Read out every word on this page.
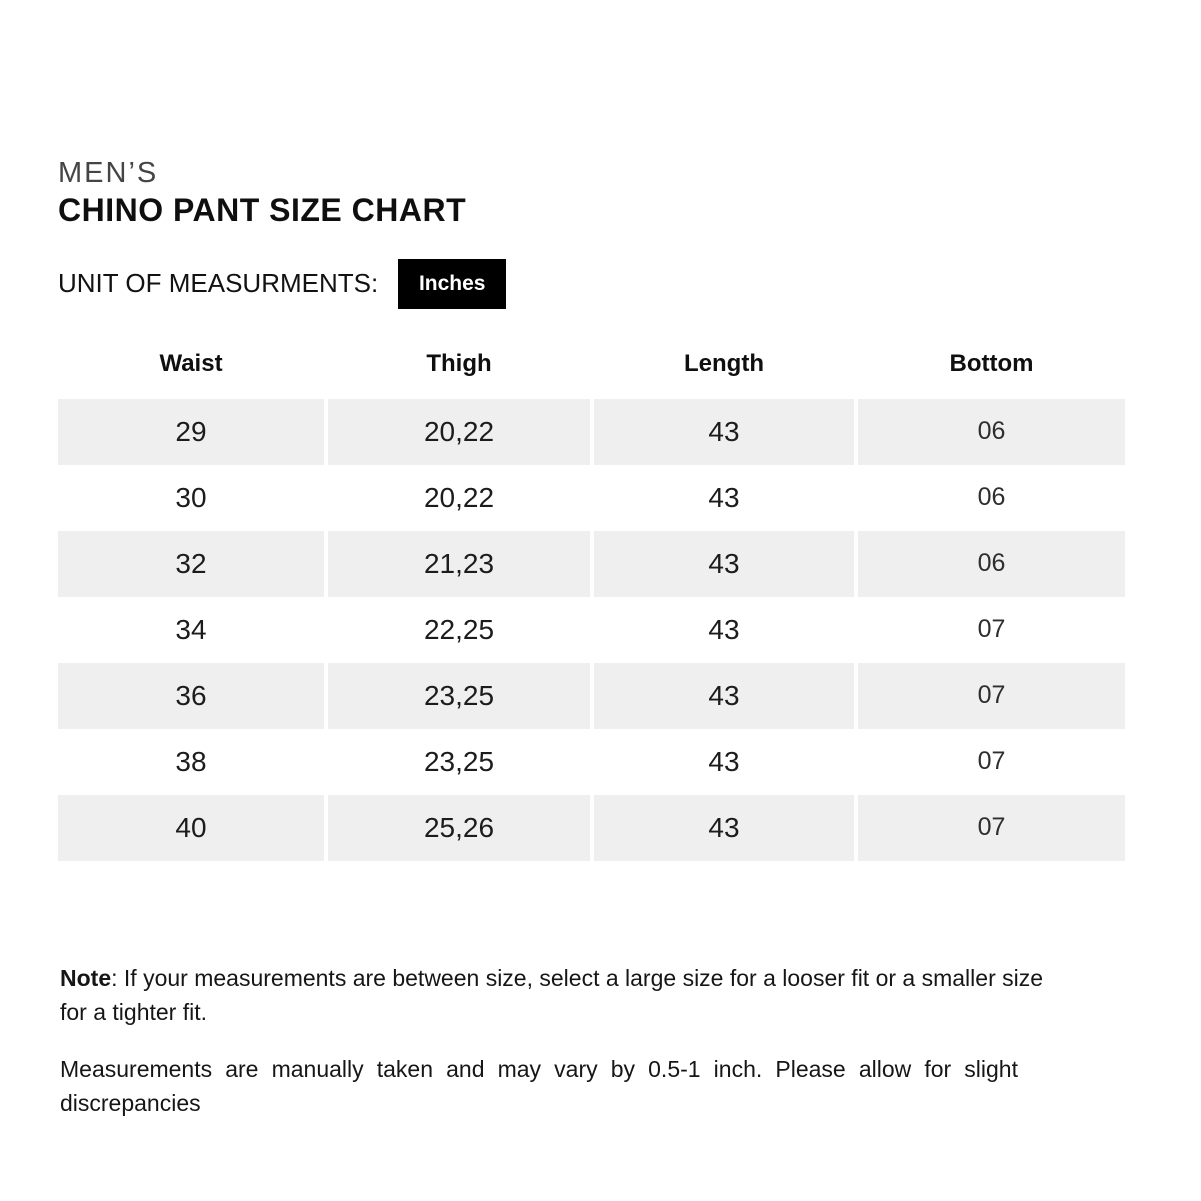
MEN’S
CHINO PANT SIZE CHART
UNIT OF MEASURMENTS:	Inches
Waist	Thigh	Length	Bottom
29	20,22	43	06
30	20,22	43	06
32	21,23	43	06
34	22,25	43	07
36	23,25	43	07
38	23,25	43	07
40	25,26	43	07

Note: If your measurements are between size, select a large size for a looser fit or a smaller size for a tighter fit.

Measurements are manually taken and may vary by 0.5-1 inch. Please allow for slight discrepancies
